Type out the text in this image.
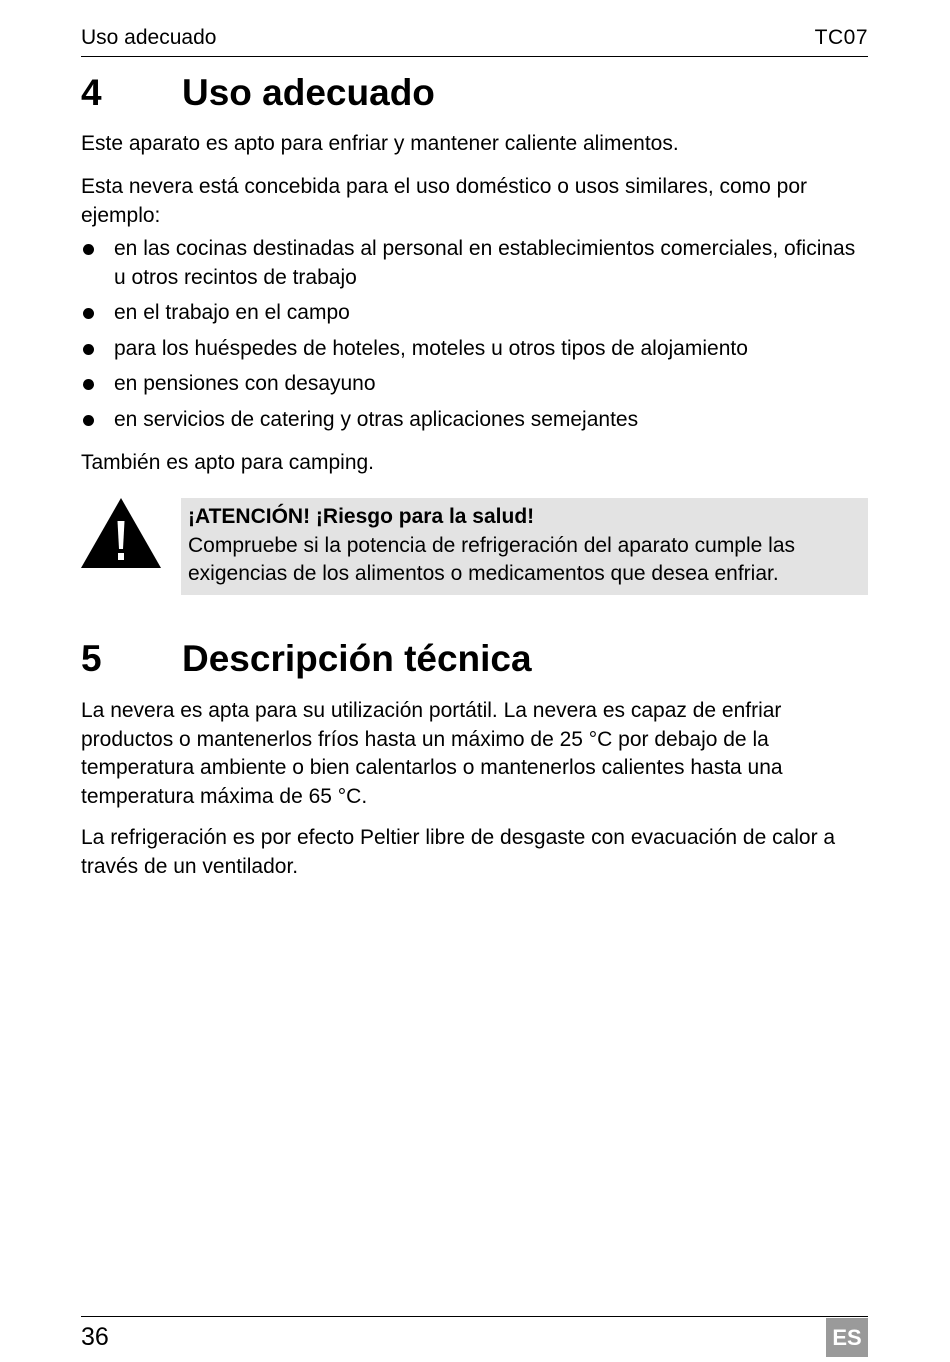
Uso adecuado	TC07
4 Uso adecuado

Este aparato es apto para enfriar y mantener caliente alimentos.

Esta nevera está concebida para el uso doméstico o usos similares, como por ejemplo:

en las cocinas destinadas al personal en establecimientos comerciales, oficinas u otros recintos de trabajo
en el trabajo en el campo
para los huéspedes de hoteles, moteles u otros tipos de alojamiento
en pensiones con desayuno
en servicios de catering y otras aplicaciones semejantes

También es apto para camping.

¡ATENCIÓN! ¡Riesgo para la salud!
Compruebe si la potencia de refrigeración del aparato cumple las exigencias de los alimentos o medicamentos que desea enfriar.
5 Descripción técnica

La nevera es apta para su utilización portátil. La nevera es capaz de enfriar productos o mantenerlos fríos hasta un máximo de 25 °C por debajo de la temperatura ambiente o bien calentarlos o mantenerlos calientes hasta una temperatura máxima de 65 °C.

La refrigeración es por efecto Peltier libre de desgaste con evacuación de calor a través de un ventilador.

36	ES
